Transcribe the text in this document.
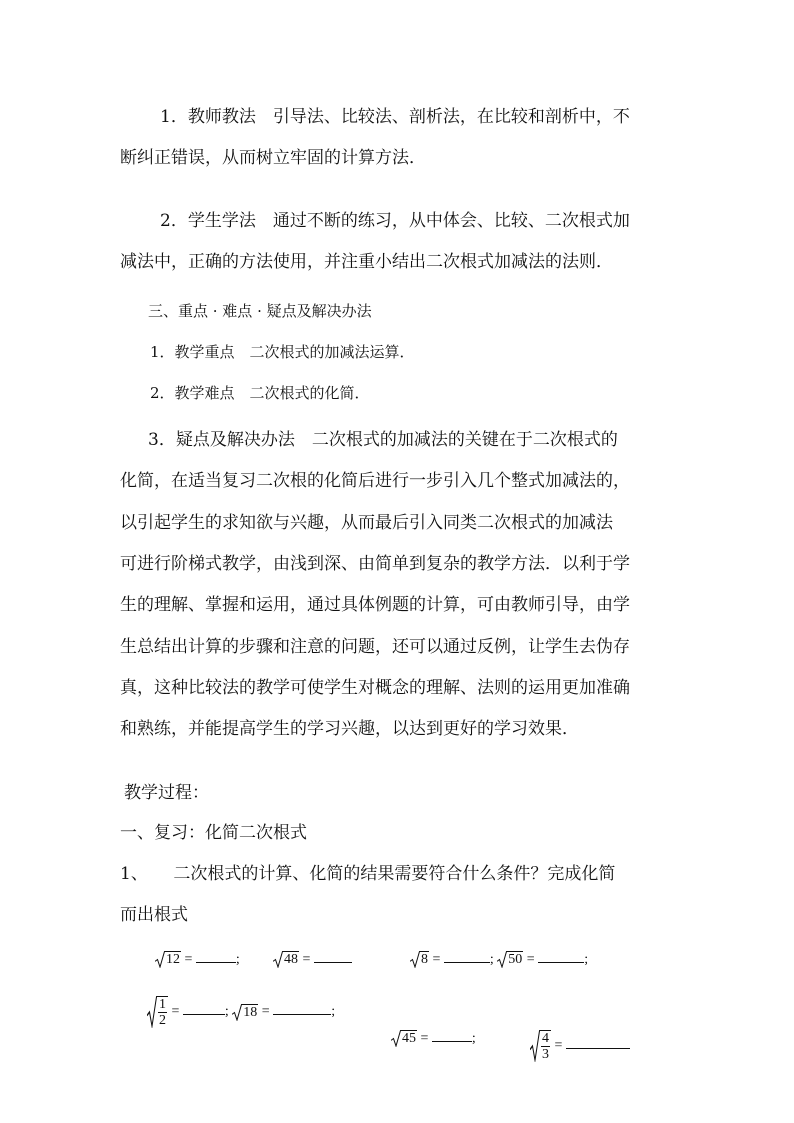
1．教师教法　引导法、比较法、剖析法，在比较和剖析中，不
断纠正错误，从而树立牢固的计算方法．
2．学生学法　通过不断的练习，从中体会、比较、二次根式加
减法中，正确的方法使用，并注重小结出二次根式加减法的法则．
三、重点 · 难点 · 疑点及解决办法
1．教学重点　二次根式的加减法运算．
2．教学难点　二次根式的化简．
3．疑点及解决办法　二次根式的加减法的关键在于二次根式的
化简，在适当复习二次根的化简后进行一步引入几个整式加减法的，
以引起学生的求知欲与兴趣，从而最后引入同类二次根式的加减法
可进行阶梯式教学，由浅到深、由简单到复杂的教学方法．以利于学
生的理解、掌握和运用，通过具体例题的计算，可由教师引导，由学
生总结出计算的步骤和注意的问题，还可以通过反例，让学生去伪存
真，这种比较法的教学可使学生对概念的理解、法则的运用更加准确
和熟练，并能提高学生的学习兴趣，以达到更好的学习效果．
教学过程：
一、复习：化简二次根式
1、　　二次根式的计算、化简的结果需要符合什么条件？完成化简
而出根式
12 =	;	48 =	8 =	; 50 =	;
$\frac{1}{2}$ =	; 18 =	;
45 =	;	$\frac{4}{3}$ =
